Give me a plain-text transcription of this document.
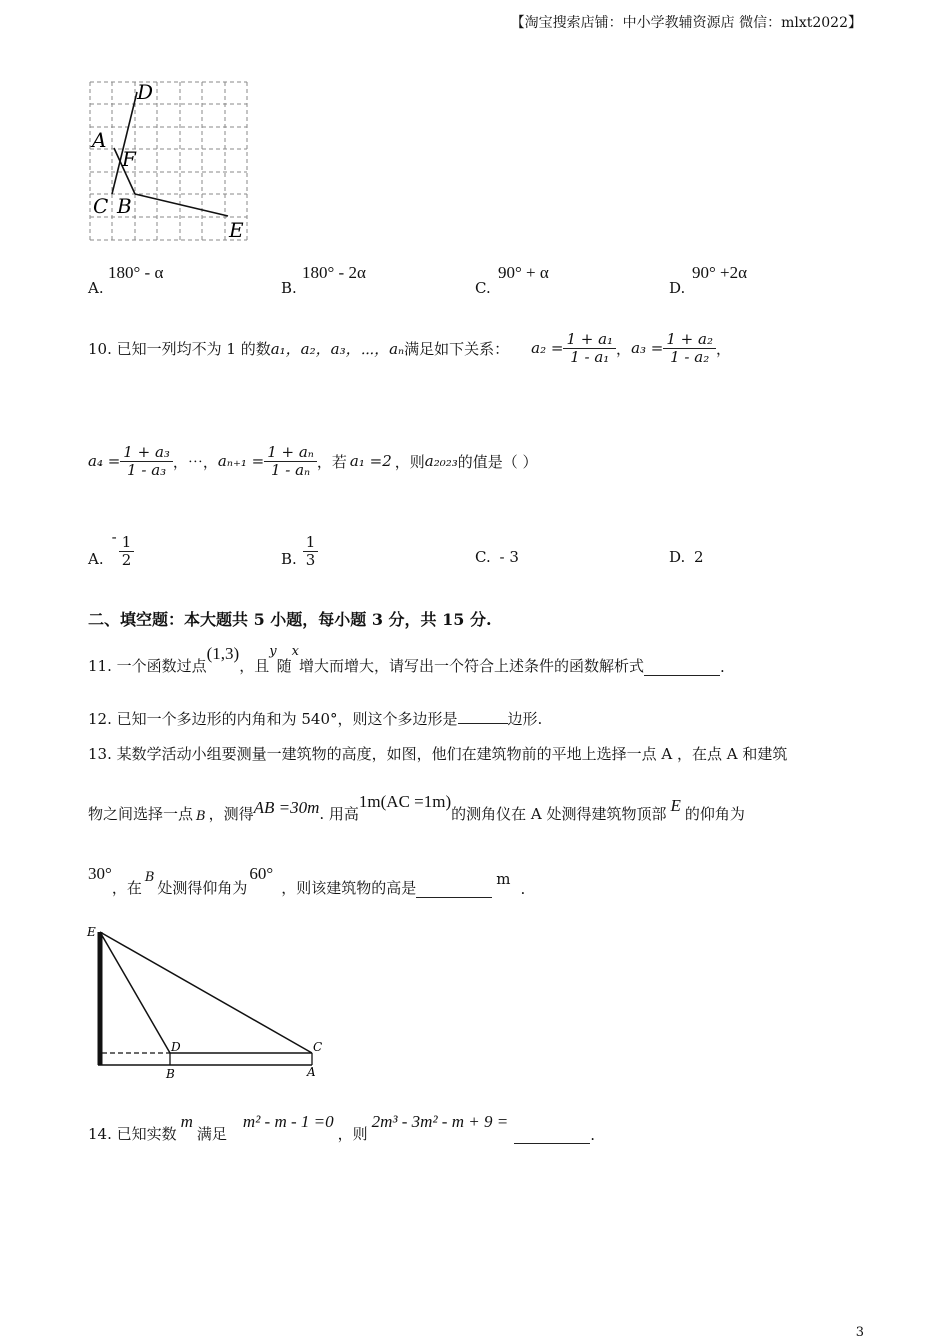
【淘宝搜索店铺：中小学教辅资源店 微信：mlxt2022】
D
A
F
C B
E
A.
180° - α
B.
180° - 2α
C.
90° + α
D.
90° +2α
10. 已知一列均不为 1 的数 a₁，a₂，a₃，⋯，aₙ 满足如下关系： $a_2 = \frac{\text{1 + a₁}}{\text{1 - a₁}}$ ， $a_3 = \frac{\text{1 + a₂}}{\text{1 - a₂}}$ ，
$a_4 = \frac{\text{1 + a₃}}{\text{1 - a₃}}$ ，⋯， $a_{n+1} = \frac{\text{1 + aₙ}}{\text{1 - aₙ}}$ ，若 a₁ =2 ，则 a₂₀₂₃ 的值是（ ）
A.
- $\frac{1}{2}$	B. $\frac{1}{3}$	C. - 3	D. 2
二、填空题：本大题共 5 小题，每小题 3 分，共 15 分.
11. 一个函数过点
(1,3)
，且
y
随
x
增大而增大，请写出一个符合上述条件的函数解析式	.
12. 已知一个多边形的内角和为 540°，则这个多边形是	边形.
13. 某数学活动小组要测量一建筑物的高度，如图，他们在建筑物前的平地上选择一点 A ，在点 A 和建筑
物之间选择一点 B ，测得 AB =30m . 用高
1m(AC =1m)
的测角仪在 A 处测得建筑物顶部 E 的仰角为
30°
，在
B
处测得仰角为
60°
，则该建筑物的高是	m
.
E
D	C
B	A
14. 已知实数
m
满足
m² - m - 1 =0
，则
2m³ - 3m² - m + 9 =
.
3
